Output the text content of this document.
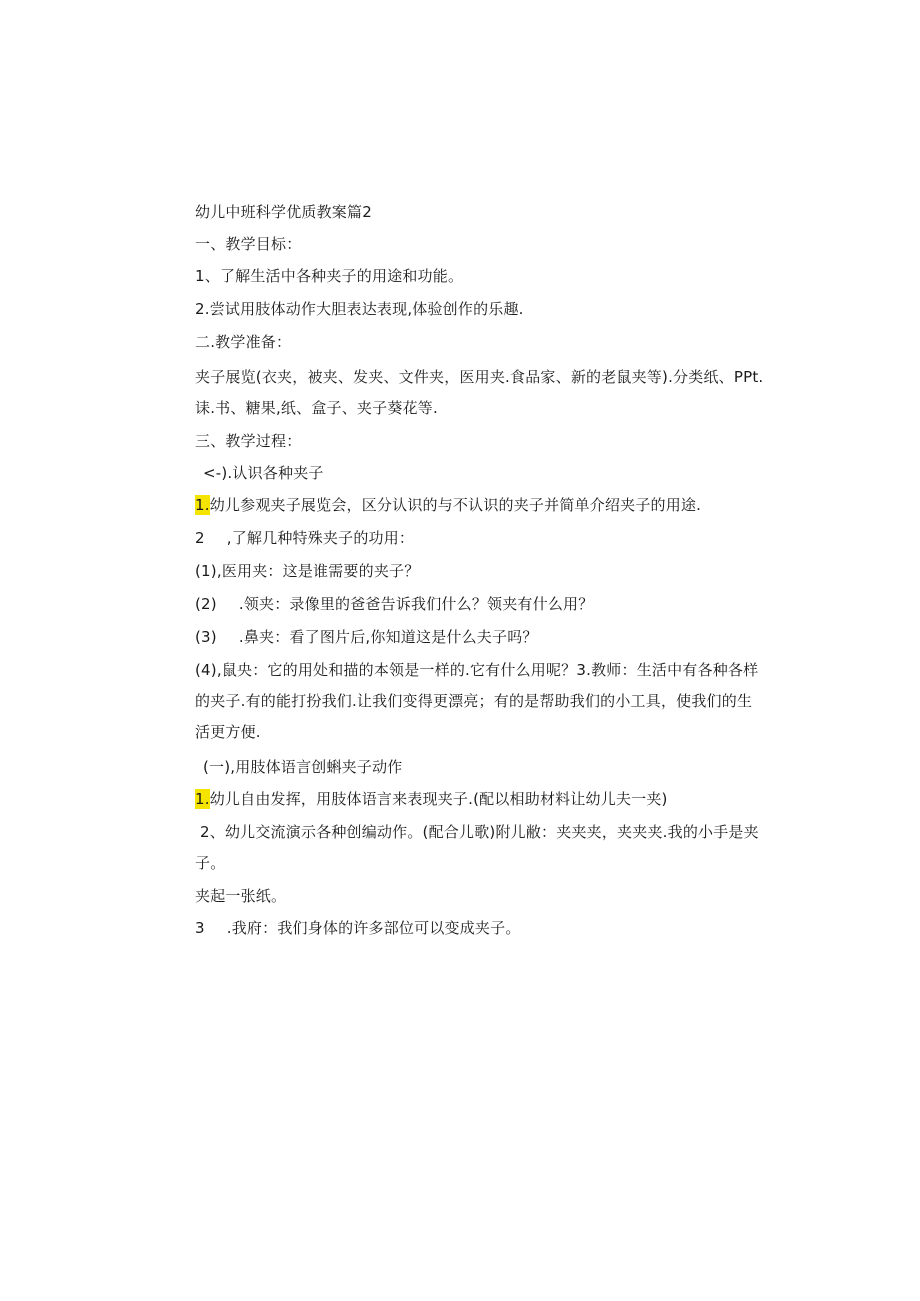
幼儿中班科学优质教案篇2
一、教学目标：
1、了解生活中各种夹子的用途和功能。
2.尝试用肢体动作大胆表达表现,体验创作的乐趣.
二.教学准备：
夹子展览(衣夹，被夹、发夹、文件夹，医用夹.食品家、新的老鼠夹等).分类纸、PPt.诔.书、糖果,纸、盒子、夹子葵花等.
三、教学过程：
<-).认识各种夹子
1.幼儿参观夹子展览会，区分认识的与不认识的夹子并简单介绍夹子的用途.
2 ,了解几种特殊夹子的功用：
(1),医用夹：这是谁需要的夹子？
(2) .领夹：录像里的爸爸告诉我们什么？领夹有什么用？
(3) .鼻夹：看了图片后,你知道这是什么夫子吗？
(4),鼠央：它的用处和描的本领是一样的.它有什么用呢？3.教师：生活中有各种各样的夹子.有的能打扮我们.让我们变得更漂亮；有的是帮助我们的小工具，使我们的生活更方便.
(一),用肢体语言创蝌夹子动作
1.幼儿自由发挥，用肢体语言来表现夹子.(配以相助材料让幼儿夫一夹)
2、幼儿交流演示各种创编动作。(配合儿歌)附儿敝：夹夹夹，夹夹夹.我的小手是夹子。
夹起一张纸。
3 .我府：我们身体的许多部位可以变成夹子。
